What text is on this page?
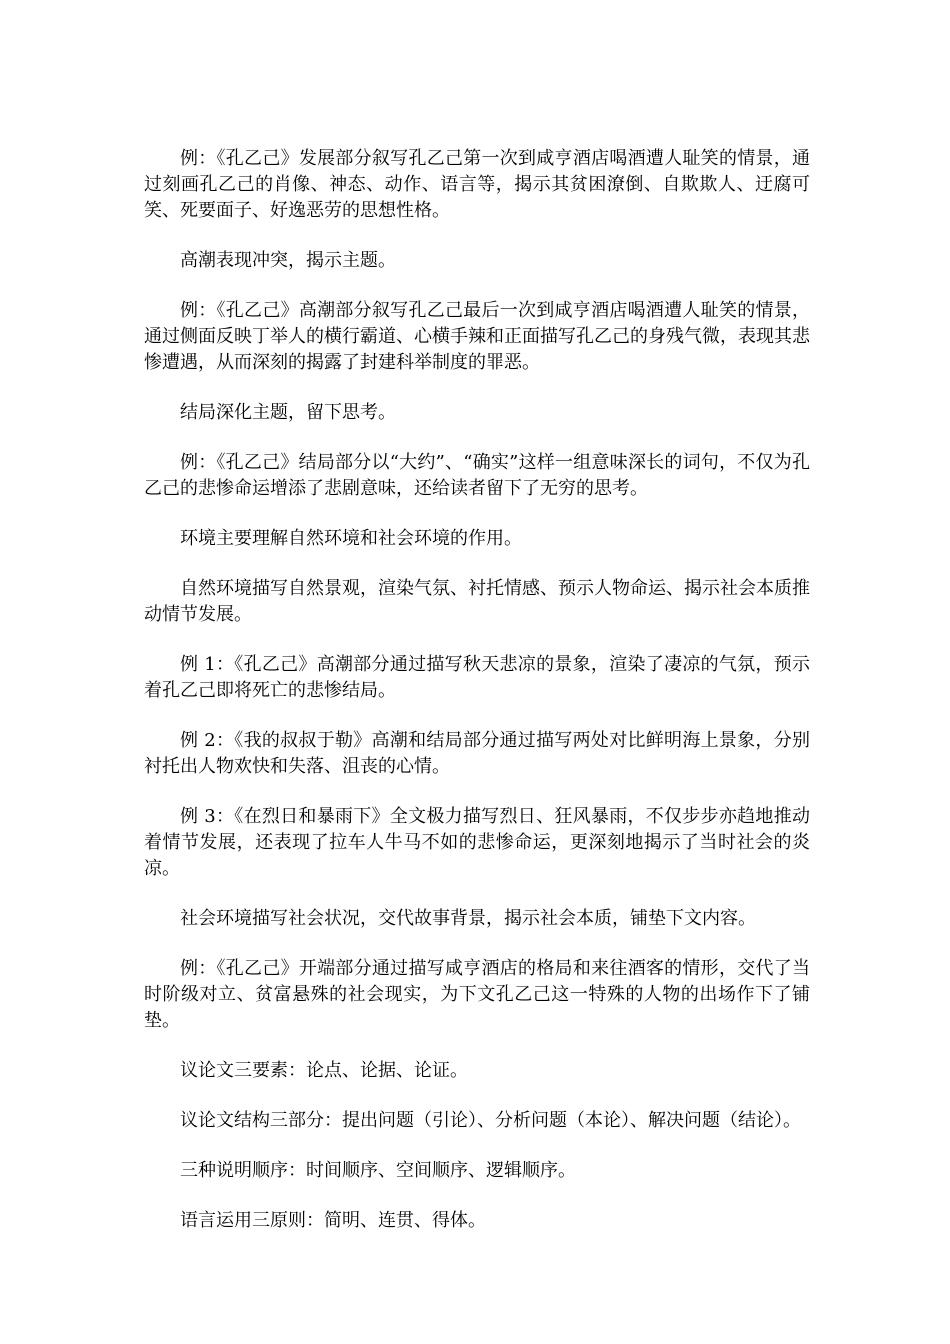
例：《孔乙己》发展部分叙写孔乙己第一次到咸亨酒店喝酒遭人耻笑的情景，通过刻画孔乙己的肖像、神态、动作、语言等，揭示其贫困潦倒、自欺欺人、迂腐可笑、死要面子、好逸恶劳的思想性格。

高潮表现冲突，揭示主题。

例：《孔乙己》高潮部分叙写孔乙己最后一次到咸亨酒店喝酒遭人耻笑的情景，通过侧面反映丁举人的横行霸道、心横手辣和正面描写孔乙己的身残气微，表现其悲惨遭遇，从而深刻的揭露了封建科举制度的罪恶。

结局深化主题，留下思考。

例：《孔乙己》结局部分以“大约”、“确实”这样一组意味深长的词句，不仅为孔乙己的悲惨命运增添了悲剧意味，还给读者留下了无穷的思考。

环境主要理解自然环境和社会环境的作用。

自然环境描写自然景观，渲染气氛、衬托情感、预示人物命运、揭示社会本质推动情节发展。

例 1：《孔乙己》高潮部分通过描写秋天悲凉的景象，渲染了凄凉的气氛，预示着孔乙己即将死亡的悲惨结局。

例 2：《我的叔叔于勒》高潮和结局部分通过描写两处对比鲜明海上景象，分别衬托出人物欢快和失落、沮丧的心情。

例 3：《在烈日和暴雨下》全文极力描写烈日、狂风暴雨，不仅步步亦趋地推动着情节发展，还表现了拉车人牛马不如的悲惨命运，更深刻地揭示了当时社会的炎凉。

社会环境描写社会状况，交代故事背景，揭示社会本质，铺垫下文内容。

例：《孔乙己》开端部分通过描写咸亨酒店的格局和来往酒客的情形，交代了当时阶级对立、贫富悬殊的社会现实，为下文孔乙己这一特殊的人物的出场作下了铺垫。

议论文三要素：论点、论据、论证。

议论文结构三部分：提出问题（引论）、分析问题（本论）、解决问题（结论）。

三种说明顺序：时间顺序、空间顺序、逻辑顺序。

语言运用三原则：简明、连贯、得体。
